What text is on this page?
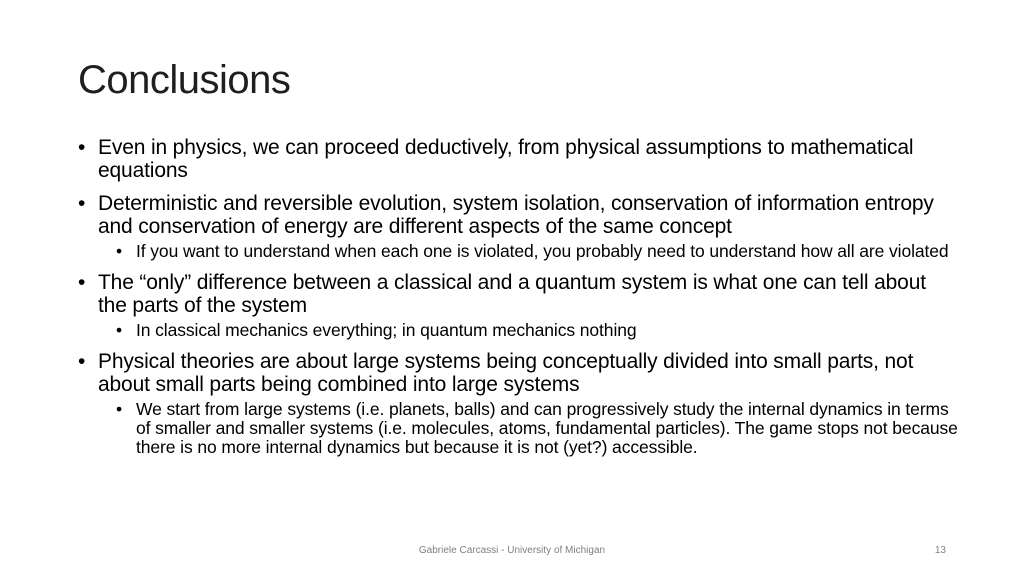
Conclusions
• Even in physics, we can proceed deductively, from physical assumptions to mathematical equations
• Deterministic and reversible evolution, system isolation, conservation of information entropy and conservation of energy are different aspects of the same concept
• If you want to understand when each one is violated, you probably need to understand how all are violated
• The “only” difference between a classical and a quantum system is what one can tell about the parts of the system
• In classical mechanics everything; in quantum mechanics nothing
• Physical theories are about large systems being conceptually divided into small parts, not about small parts being combined into large systems
• We start from large systems (i.e. planets, balls) and can progressively study the internal dynamics in terms of smaller and smaller systems (i.e. molecules, atoms, fundamental particles). The game stops not because there is no more internal dynamics but because it is not (yet?) accessible.
Gabriele Carcassi - University of Michigan	13
